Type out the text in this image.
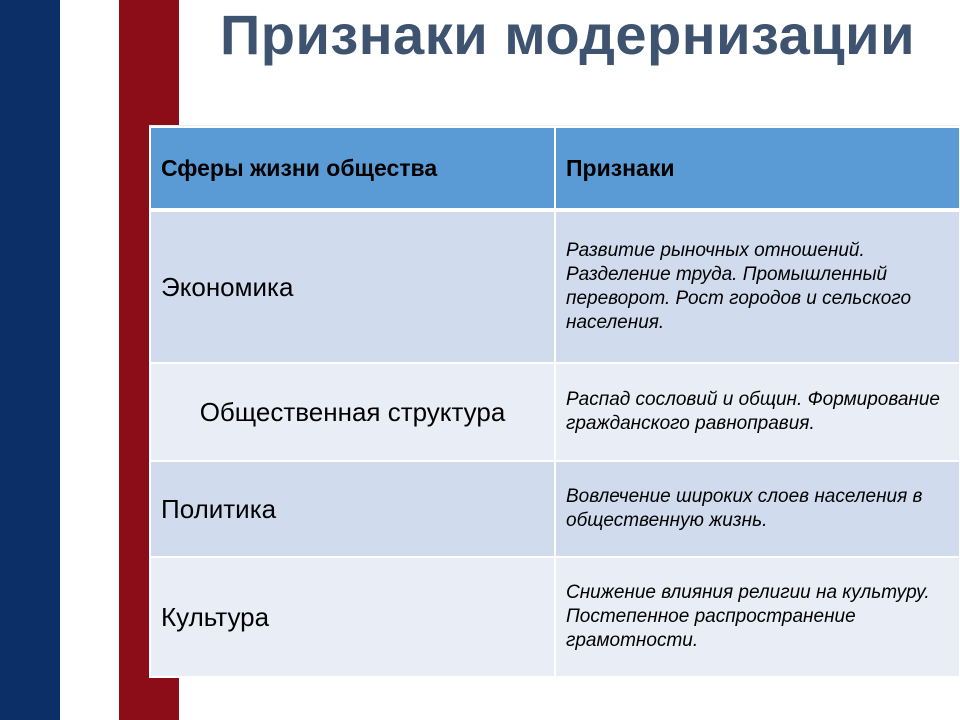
Признаки модернизации
Сферы жизни общества	Признаки
Экономика	Развитие рыночных отношений. Разделение труда. Промышленный переворот. Рост городов и сельского населения.
Общественная структура	Распад сословий и общин. Формирование гражданского равноправия.
Политика	Вовлечение широких слоев населения в общественную жизнь.
Культура	Снижение влияния религии на культуру. Постепенное распространение грамотности.
